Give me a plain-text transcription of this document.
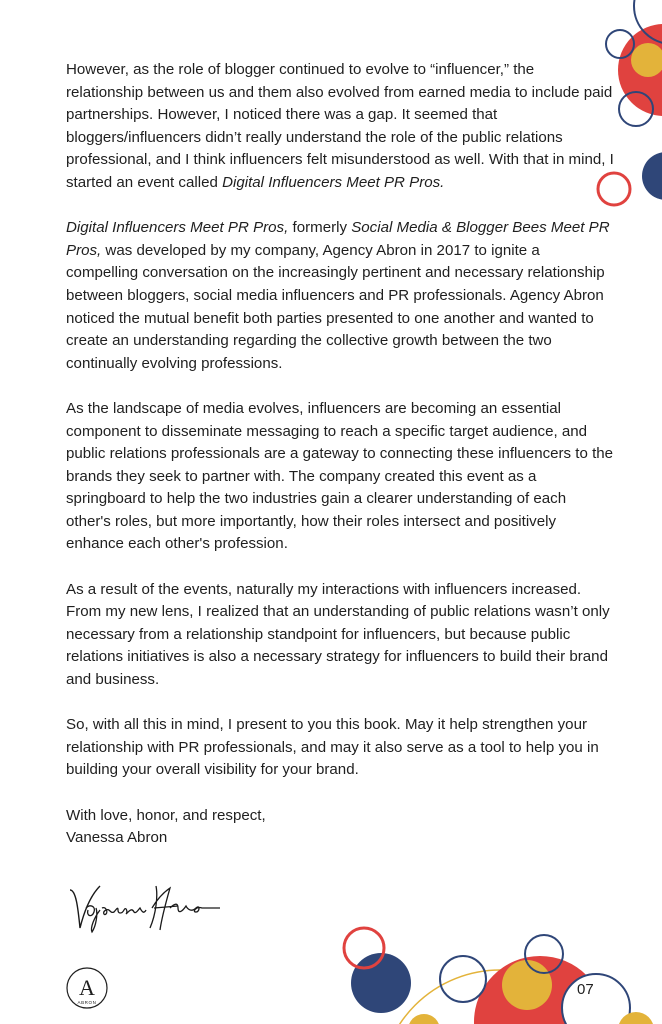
However, as the role of blogger continued to evolve to “influencer,” the relationship between us and them also evolved from earned media to include paid partnerships. However, I noticed there was a gap. It seemed that bloggers/influencers didn’t really understand the role of the public relations professional, and I think influencers felt misunderstood as well. With that in mind, I started an event called Digital Influencers Meet PR Pros.

Digital Influencers Meet PR Pros, formerly Social Media & Blogger Bees Meet PR Pros, was developed by my company, Agency Abron in 2017 to ignite a compelling conversation on the increasingly pertinent and necessary relationship between bloggers, social media influencers and PR professionals. Agency Abron noticed the mutual benefit both parties presented to one another and wanted to create an understanding regarding the collective growth between the two continually evolving professions.

As the landscape of media evolves, influencers are becoming an essential component to disseminate messaging to reach a specific target audience, and public relations professionals are a gateway to connecting these influencers to the brands they seek to partner with. The company created this event as a springboard to help the two industries gain a clearer understanding of each other's roles, but more importantly, how their roles intersect and positively enhance each other's profession.

As a result of the events, naturally my interactions with influencers increased. From my new lens, I realized that an understanding of public relations wasn’t only necessary from a relationship standpoint for influencers, but because public relations initiatives is also a necessary strategy for influencers to build their brand and business.

So, with all this in mind, I present to you this book. May it help strengthen your relationship with PR professionals, and may it also serve as a tool to help you in building your overall visibility for your brand.

With love, honor, and respect,
Vanessa Abron
A
ABRON
07
